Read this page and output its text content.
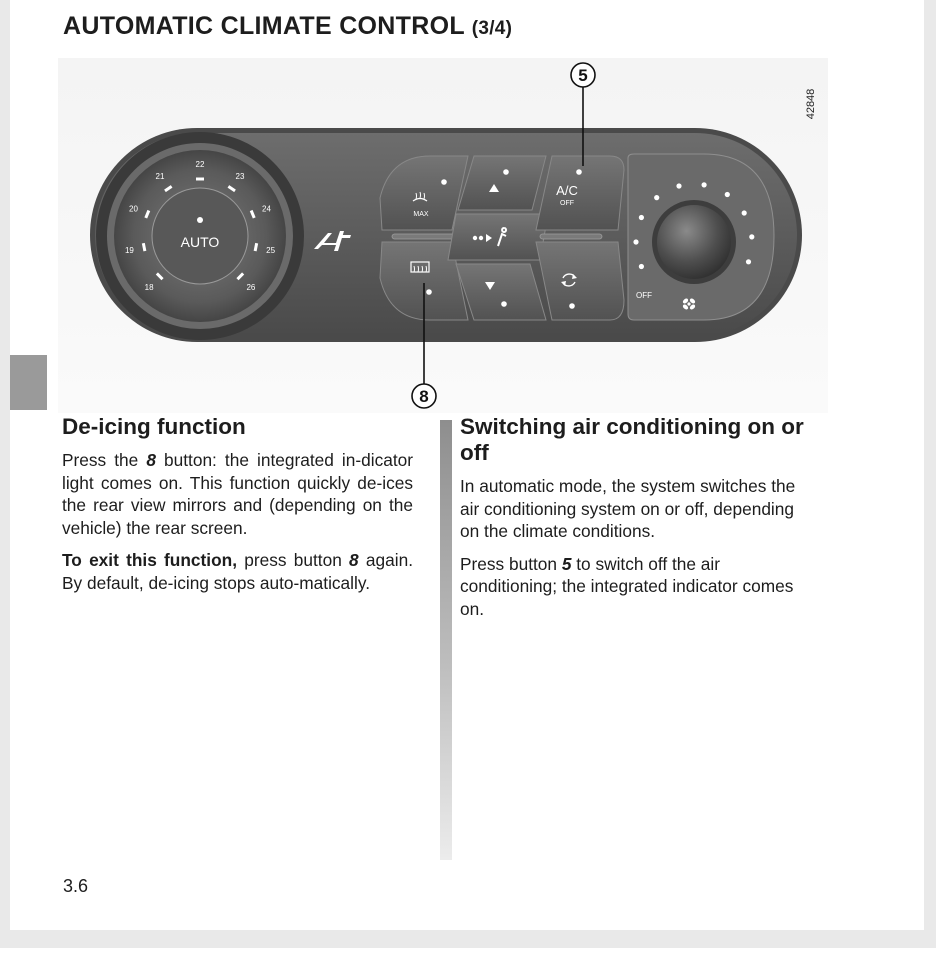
AUTOMATIC CLIMATE CONTROL (3/4)
18
19
20
21
22
23
24
25
26
AUTO
MAX
A/C
OFF
OFF
5
8
42848
De-icing function

Press the 8 button: the integrated in-dicator light comes on. This function quickly de-ices the rear view mirrors and (depending on the vehicle) the rear screen.

To exit this function, press button 8 again. By default, de-icing stops auto-matically.

Switching air conditioning on or off

In automatic mode, the system switches the air conditioning system on or off, depending on the climate conditions.

Press button 5 to switch off the air conditioning; the integrated indicator comes on.

3.6
